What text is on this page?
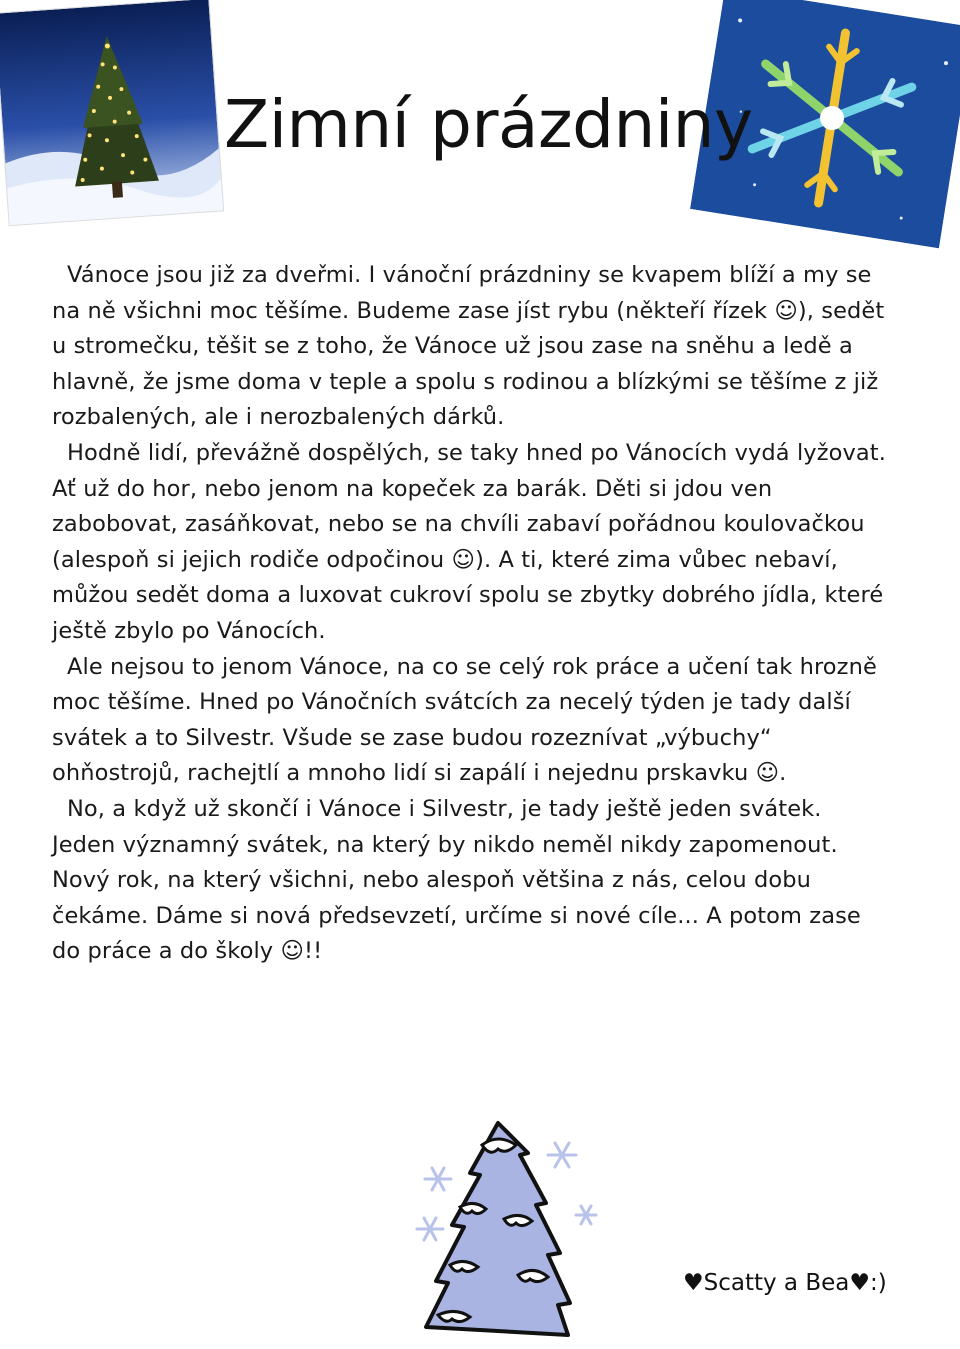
Zimní prázdniny

Vánoce jsou již za dveřmi. I vánoční prázdniny se kvapem blíží a my se na ně všichni moc těšíme. Budeme zase jíst rybu (někteří řízek ☺), sedět u stromečku, těšit se z toho, že Vánoce už jsou zase na sněhu a ledě a hlavně, že jsme doma v teple a spolu s rodinou a blízkými se těšíme z již rozbalených, ale i nerozbalených dárků.

Hodně lidí, převážně dospělých, se taky hned po Vánocích vydá lyžovat. Ať už do hor, nebo jenom na kopeček za barák. Děti si jdou ven zabobovat, zasáňkovat, nebo se na chvíli zabaví pořádnou koulovačkou (alespoň si jejich rodiče odpočinou ☺). A ti, které zima vůbec nebaví, můžou sedět doma a luxovat cukroví spolu se zbytky dobrého jídla, které ještě zbylo po Vánocích.

Ale nejsou to jenom Vánoce, na co se celý rok práce a učení tak hrozně moc těšíme. Hned po Vánočních svátcích za necelý týden je tady další svátek a to Silvestr. Všude se zase budou rozeznívat „výbuchy“ ohňostrojů, rachejtlí a mnoho lidí si zapálí i nejednu prskavku ☺.

No, a když už skončí i Vánoce i Silvestr, je tady ještě jeden svátek. Jeden významný svátek, na který by nikdo neměl nikdy zapomenout. Nový rok, na který všichni, nebo alespoň většina z nás, celou dobu čekáme. Dáme si nová předsevzetí, určíme si nové cíle... A potom zase do práce a do školy ☺!!

♥Scatty a Bea♥:)
